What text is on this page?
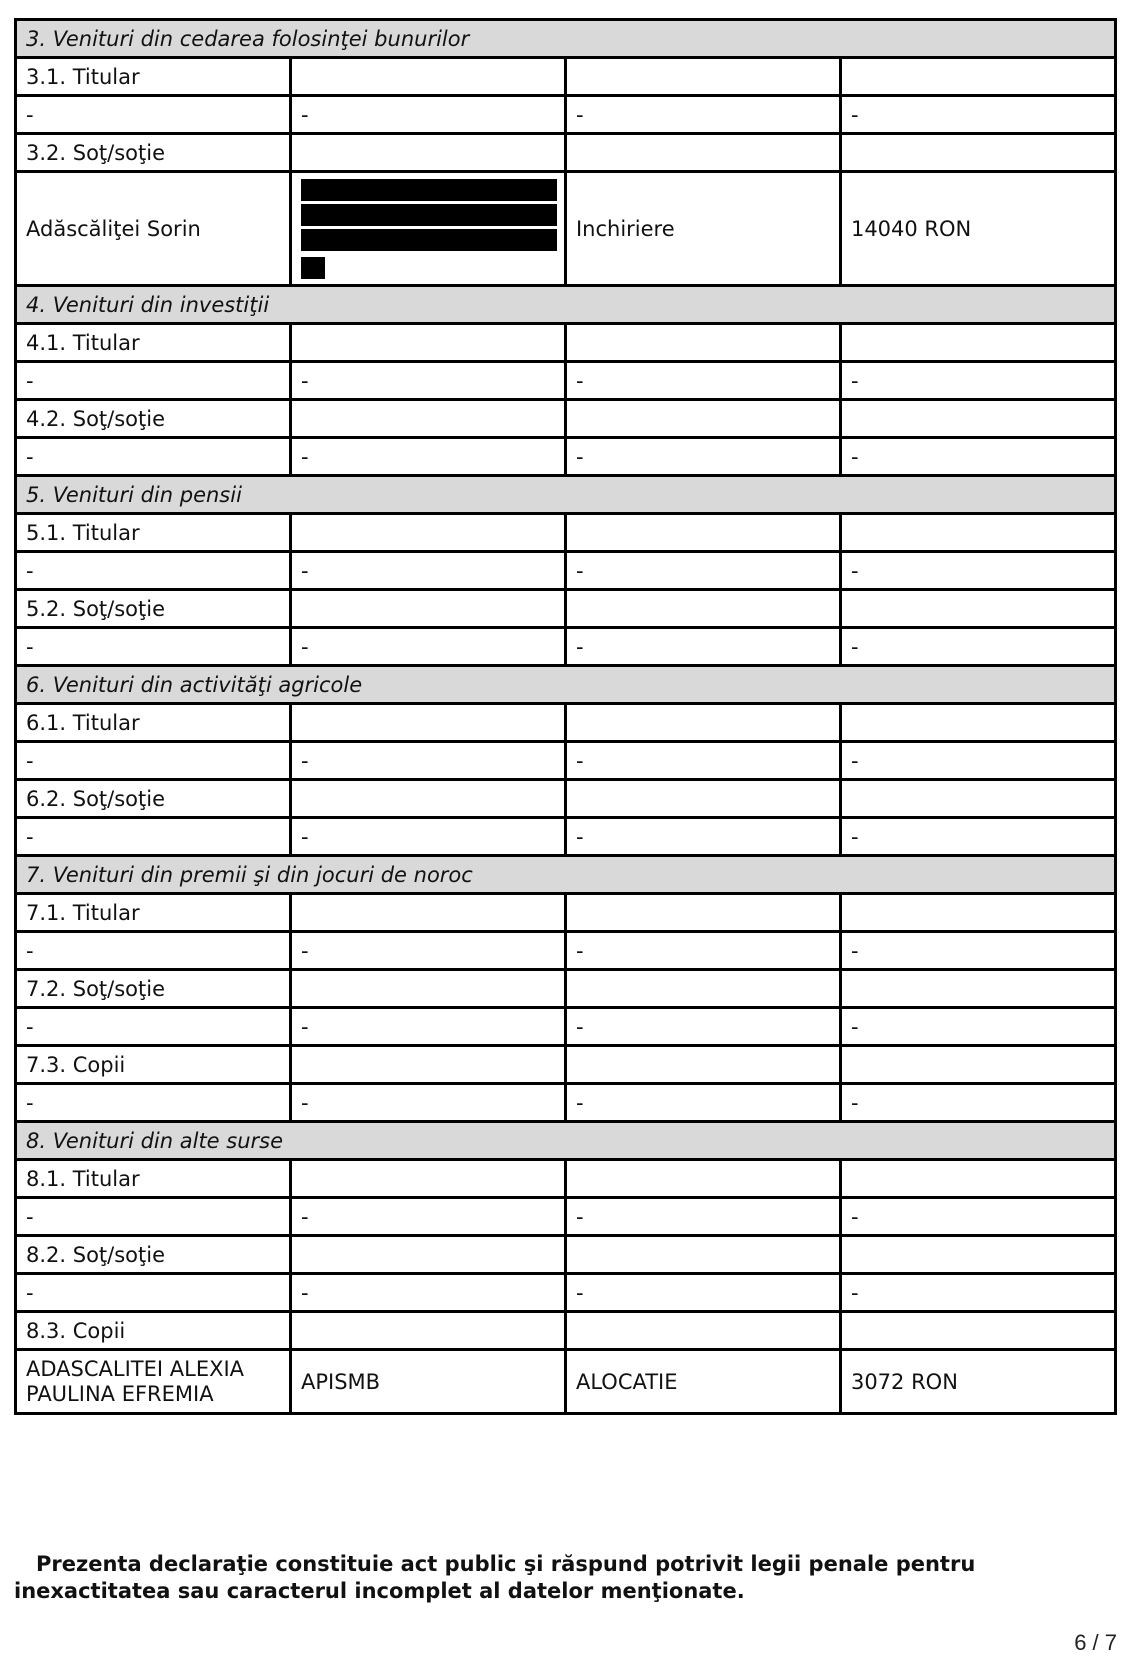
3. Venituri din cedarea folosinţei bunurilor			
3.1. Titular			
-	-	-	-
3.2. Soţ/soţie			
Adăscăliţei Sorin		Inchiriere	14040 RON
4. Venituri din investiţii			
4.1. Titular			
-	-	-	-
4.2. Soţ/soţie			
-	-	-	-
5. Venituri din pensii			
5.1. Titular			
-	-	-	-
5.2. Soţ/soţie			
-	-	-	-
6. Venituri din activităţi agricole			
6.1. Titular			
-	-	-	-
6.2. Soţ/soţie			
-	-	-	-
7. Venituri din premii şi din jocuri de noroc			
7.1. Titular			
-	-	-	-
7.2. Soţ/soţie			
-	-	-	-
7.3. Copii			
-	-	-	-
8. Venituri din alte surse			
8.1. Titular			
-	-	-	-
8.2. Soţ/soţie			
-	-	-	-
8.3. Copii			
ADASCALITEI ALEXIA PAULINA EFREMIA	APISMB	ALOCATIE	3072 RON

Prezenta declaraţie constituie act public şi răspund potrivit legii penale pentru inexactitatea sau caracterul incomplet al datelor menţionate.

6 / 7
